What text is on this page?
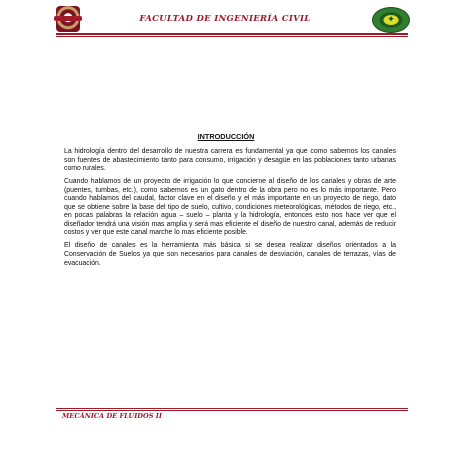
FACULTAD DE INGENIERÍA CIVIL	✦
INTRODUCCIÓN

La hidrología dentro del desarrollo de nuestra carrera es fundamental ya que como sabemos los canales son fuentes de abastecimiento tanto para consumo, irrigación y desagüe en las poblaciones tanto urbanas como rurales.

Cuando hablamos de un proyecto de irrigación lo que concierne al diseño de los canales y obras de arte (puentes, tumbas, etc.), como sabemos es un gato dentro de la obra pero no es lo más importante. Pero cuando hablamos del caudal, factor clave en el diseño y el más importante en un proyecto de riego, dato que se obtiene sobre la base del tipo de suelo, cultivo, condiciones meteorológicas, métodos de riego, etc., en pocas palabras la relación agua – suelo – planta y la hidrología, entonces esto nos hace ver que el diseñador tendrá una visión mas amplia y será mas eficiente el diseño de nuestro canal, además de reducir costos y ver que este canal marche lo mas eficiente posible.

El diseño de canales es la herramienta más básica si se desea realizar diseños orientados a la Conservación de Suelos ya que son necesarios para canales de desviación, canales de terrazas, vías de evacuación.

MECÁNICA DE FLUIDOS II
